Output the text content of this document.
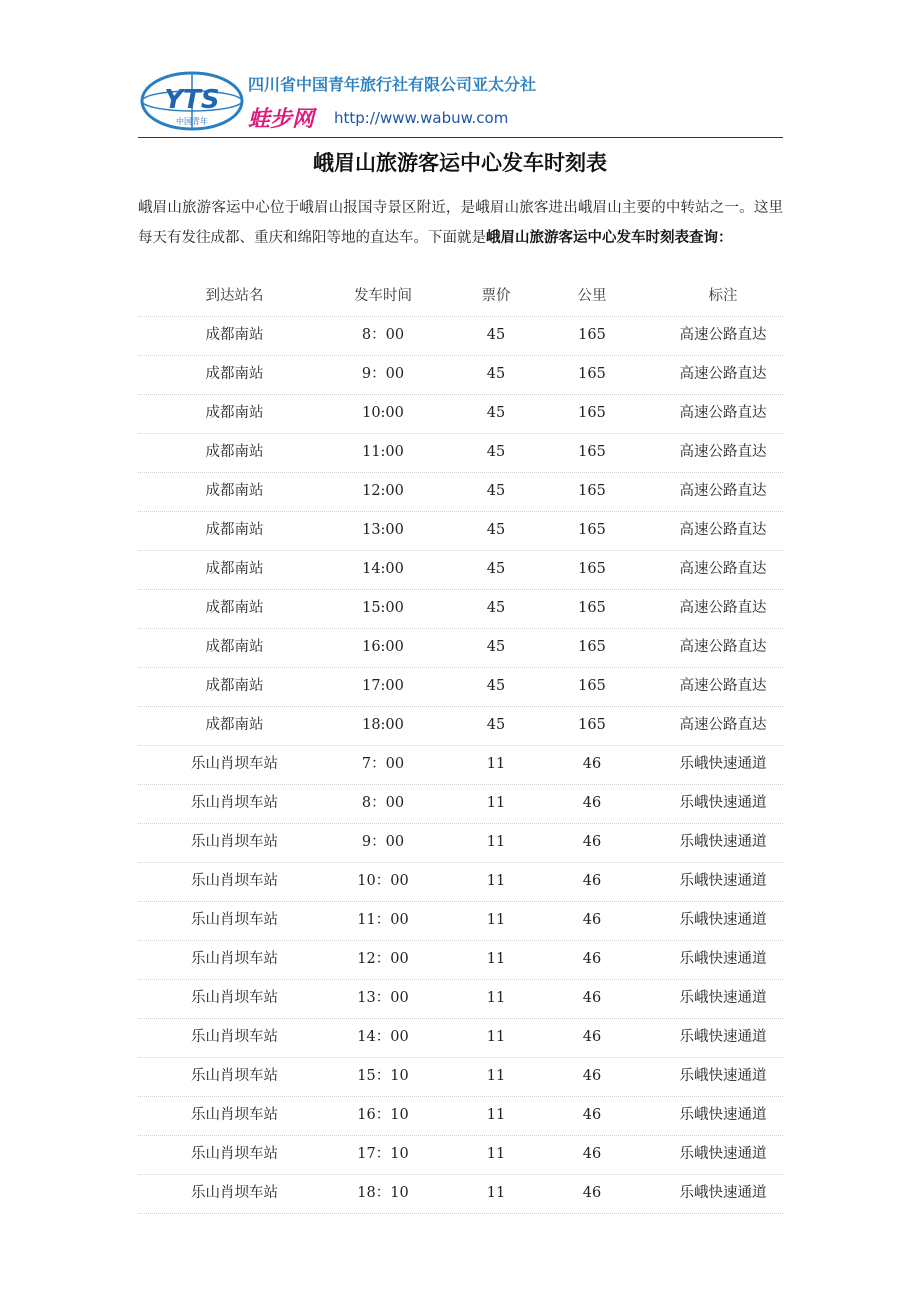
YTS
中国青年
四川省中国青年旅行社有限公司亚太分社
蛙步网 http://www.wabuw.com
峨眉山旅游客运中心发车时刻表
峨眉山旅游客运中心位于峨眉山报国寺景区附近，是峨眉山旅客进出峨眉山主要的中转站之一。这里每天有发往成都、重庆和绵阳等地的直达车。下面就是峨眉山旅游客运中心发车时刻表查询：
到达站名	发车时间	票价	公里	标注
成都南站	8：00	45	165	高速公路直达
成都南站	9：00	45	165	高速公路直达
成都南站	10:00	45	165	高速公路直达
成都南站	11:00	45	165	高速公路直达
成都南站	12:00	45	165	高速公路直达
成都南站	13:00	45	165	高速公路直达
成都南站	14:00	45	165	高速公路直达
成都南站	15:00	45	165	高速公路直达
成都南站	16:00	45	165	高速公路直达
成都南站	17:00	45	165	高速公路直达
成都南站	18:00	45	165	高速公路直达
乐山肖坝车站	7：00	11	46	乐峨快速通道
乐山肖坝车站	8：00	11	46	乐峨快速通道
乐山肖坝车站	9：00	11	46	乐峨快速通道
乐山肖坝车站	10：00	11	46	乐峨快速通道
乐山肖坝车站	11：00	11	46	乐峨快速通道
乐山肖坝车站	12：00	11	46	乐峨快速通道
乐山肖坝车站	13：00	11	46	乐峨快速通道
乐山肖坝车站	14：00	11	46	乐峨快速通道
乐山肖坝车站	15：10	11	46	乐峨快速通道
乐山肖坝车站	16：10	11	46	乐峨快速通道
乐山肖坝车站	17：10	11	46	乐峨快速通道
乐山肖坝车站	18：10	11	46	乐峨快速通道
